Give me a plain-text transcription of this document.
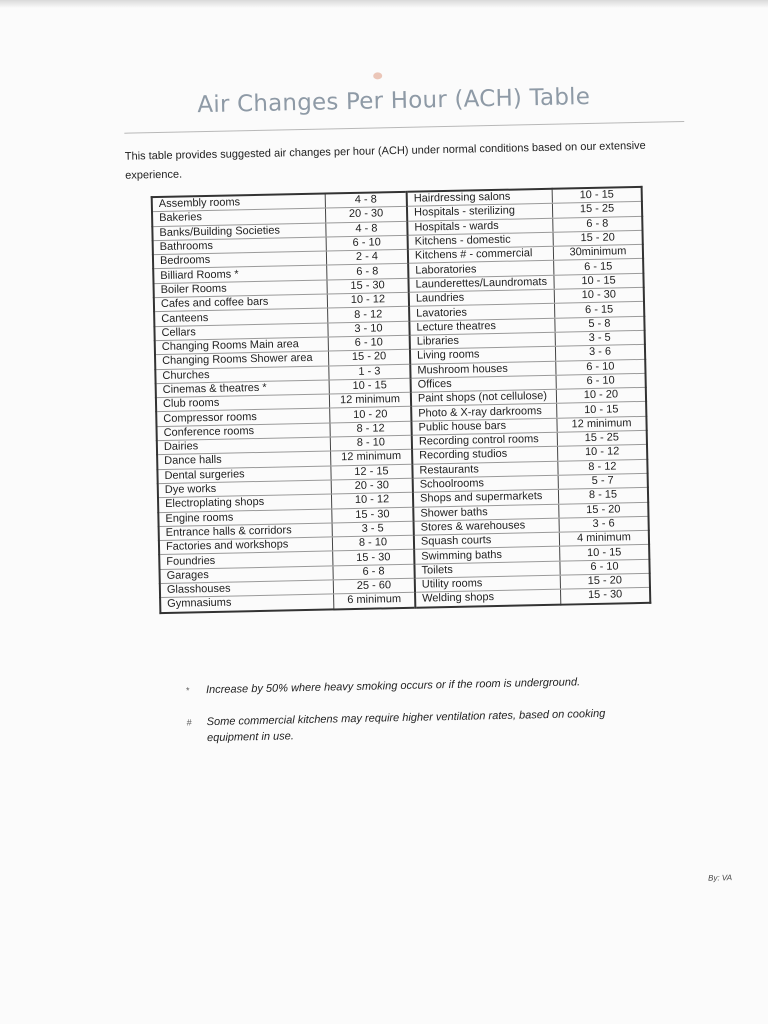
Air Changes Per Hour (ACH) Table
This table provides suggested air changes per hour (ACH) under normal conditions based on our extensive experience.
Assembly rooms	4 - 8	Hairdressing salons	10 - 15
Bakeries	20 - 30	Hospitals - sterilizing	15 - 25
Banks/Building Societies	4 - 8	Hospitals - wards	6 - 8
Bathrooms	6 - 10	Kitchens - domestic	15 - 20
Bedrooms	2 - 4	Kitchens # - commercial	30minimum
Billiard Rooms *	6 - 8	Laboratories	6 - 15
Boiler Rooms	15 - 30	Launderettes/Laundromats	10 - 15
Cafes and coffee bars	10 - 12	Laundries	10 - 30
Canteens	8 - 12	Lavatories	6 - 15
Cellars	3 - 10	Lecture theatres	5 - 8
Changing Rooms Main area	6 - 10	Libraries	3 - 5
Changing Rooms Shower area	15 - 20	Living rooms	3 - 6
Churches	1 - 3	Mushroom houses	6 - 10
Cinemas & theatres *	10 - 15	Offices	6 - 10
Club rooms	12 minimum	Paint shops (not cellulose)	10 - 20
Compressor rooms	10 - 20	Photo & X-ray darkrooms	10 - 15
Conference rooms	8 - 12	Public house bars	12 minimum
Dairies	8 - 10	Recording control rooms	15 - 25
Dance halls	12 minimum	Recording studios	10 - 12
Dental surgeries	12 - 15	Restaurants	8 - 12
Dye works	20 - 30	Schoolrooms	5 - 7
Electroplating shops	10 - 12	Shops and supermarkets	8 - 15
Engine rooms	15 - 30	Shower baths	15 - 20
Entrance halls & corridors	3 - 5	Stores & warehouses	3 - 6
Factories and workshops	8 - 10	Squash courts	4 minimum
Foundries	15 - 30	Swimming baths	10 - 15
Garages	6 - 8	Toilets	6 - 10
Glasshouses	25 - 60	Utility rooms	15 - 20
Gymnasiums	6 minimum	Welding shops	15 - 30
*	Increase by 50% where heavy smoking occurs or if the room is underground.
#	Some commercial kitchens may require higher ventilation rates, based on cooking equipment in use.
By: VA
